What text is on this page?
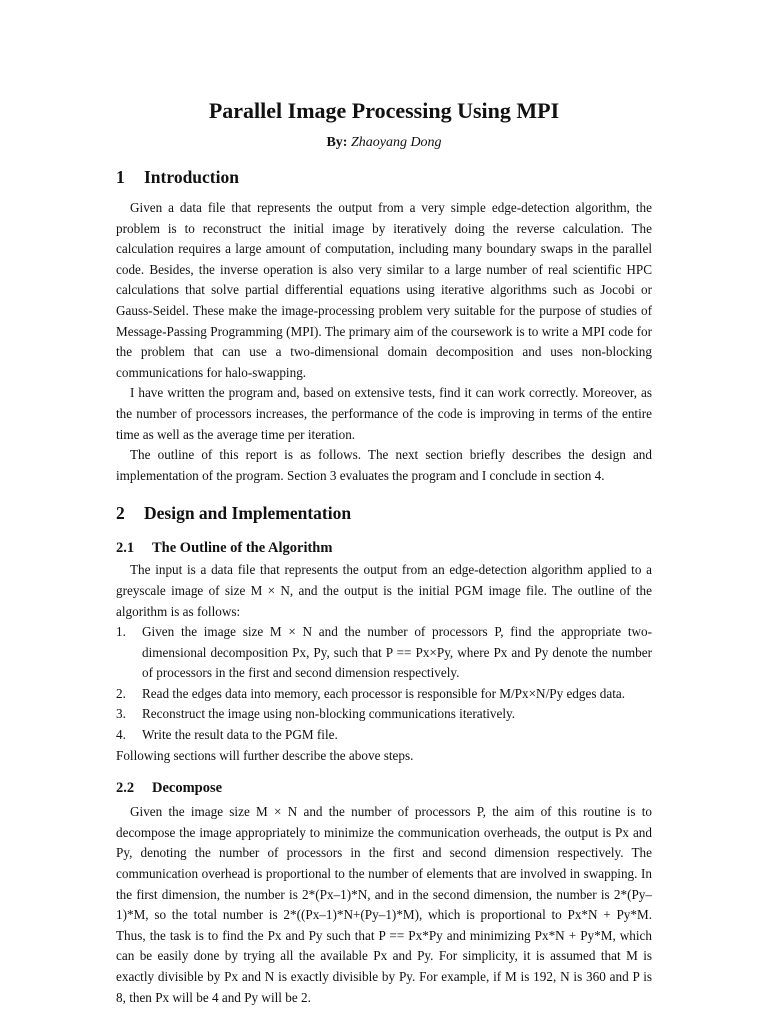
Parallel Image Processing Using MPI
By: Zhaoyang Dong
1 Introduction

Given a data file that represents the output from a very simple edge-detection algorithm, the problem is to reconstruct the initial image by iteratively doing the reverse calculation. The calculation requires a large amount of computation, including many boundary swaps in the parallel code. Besides, the inverse operation is also very similar to a large number of real scientific HPC calculations that solve partial differential equations using iterative algorithms such as Jocobi or Gauss-Seidel. These make the image-processing problem very suitable for the purpose of studies of Message-Passing Programming (MPI). The primary aim of the coursework is to write a MPI code for the problem that can use a two-dimensional domain decomposition and uses non-blocking communications for halo-swapping.

I have written the program and, based on extensive tests, find it can work correctly. Moreover, as the number of processors increases, the performance of the code is improving in terms of the entire time as well as the average time per iteration.

The outline of this report is as follows. The next section briefly describes the design and implementation of the program. Section 3 evaluates the program and I conclude in section 4.

2 Design and Implementation
2.1 The Outline of the Algorithm

The input is a data file that represents the output from an edge-detection algorithm applied to a greyscale image of size M × N, and the output is the initial PGM image file. The outline of the algorithm is as follows:

1. Given the image size M × N and the number of processors P, find the appropriate two-dimensional decomposition Px, Py, such that P == Px×Py, where Px and Py denote the number of processors in the first and second dimension respectively.
2. Read the edges data into memory, each processor is responsible for M/Px×N/Py edges data.
3. Reconstruct the image using non-blocking communications iteratively.
4. Write the result data to the PGM file.

Following sections will further describe the above steps.

2.2 Decompose

Given the image size M × N and the number of processors P, the aim of this routine is to decompose the image appropriately to minimize the communication overheads, the output is Px and Py, denoting the number of processors in the first and second dimension respectively. The communication overhead is proportional to the number of elements that are involved in swapping. In the first dimension, the number is 2*(Px–1)*N, and in the second dimension, the number is 2*(Py–1)*M, so the total number is 2*((Px–1)*N+(Py–1)*M), which is proportional to Px*N + Py*M. Thus, the task is to find the Px and Py such that P == Px*Py and minimizing Px*N + Py*M, which can be easily done by trying all the available Px and Py. For simplicity, it is assumed that M is exactly divisible by Px and N is exactly divisible by Py. For example, if M is 192, N is 360 and P is 8, then Px will be 4 and Py will be 2.
